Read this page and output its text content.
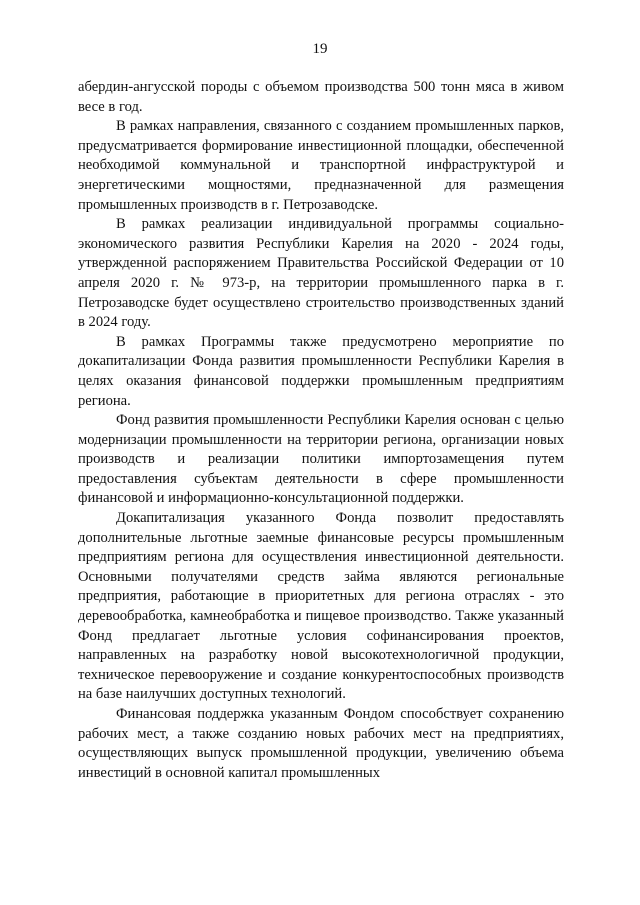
19

абердин-ангусской породы с объемом производства 500 тонн мяса в живом весе в год.

В рамках направления, связанного с созданием промышленных парков, предусматривается формирование инвестиционной площадки, обеспеченной необходимой коммунальной и транспортной инфраструктурой и энергетическими мощностями, предназначенной для размещения промышленных производств в г. Петрозаводске.

В рамках реализации индивидуальной программы социально-экономического развития Республики Карелия на 2020 - 2024 годы, утвержденной распоряжением Правительства Российской Федерации от 10 апреля 2020 г. № 973-р, на территории промышленного парка в г. Петрозаводске будет осуществлено строительство производственных зданий в 2024 году.

В рамках Программы также предусмотрено мероприятие по докапитализации Фонда развития промышленности Республики Карелия в целях оказания финансовой поддержки промышленным предприятиям региона.

Фонд развития промышленности Республики Карелия основан с целью модернизации промышленности на территории региона, организации новых производств и реализации политики импортозамещения путем предоставления субъектам деятельности в сфере промышленности финансовой и информационно-консультационной поддержки.

Докапитализация указанного Фонда позволит предоставлять дополнительные льготные заемные финансовые ресурсы промышленным предприятиям региона для осуществления инвестиционной деятельности. Основными получателями средств займа являются региональные предприятия, работающие в приоритетных для региона отраслях - это деревообработка, камнеобработка и пищевое производство. Также указанный Фонд предлагает льготные условия софинансирования проектов, направленных на разработку новой высокотехнологичной продукции, техническое перевооружение и создание конкурентоспособных производств на базе наилучших доступных технологий.

Финансовая поддержка указанным Фондом способствует сохранению рабочих мест, а также созданию новых рабочих мест на предприятиях, осуществляющих выпуск промышленной продукции, увеличению объема инвестиций в основной капитал промышленных
